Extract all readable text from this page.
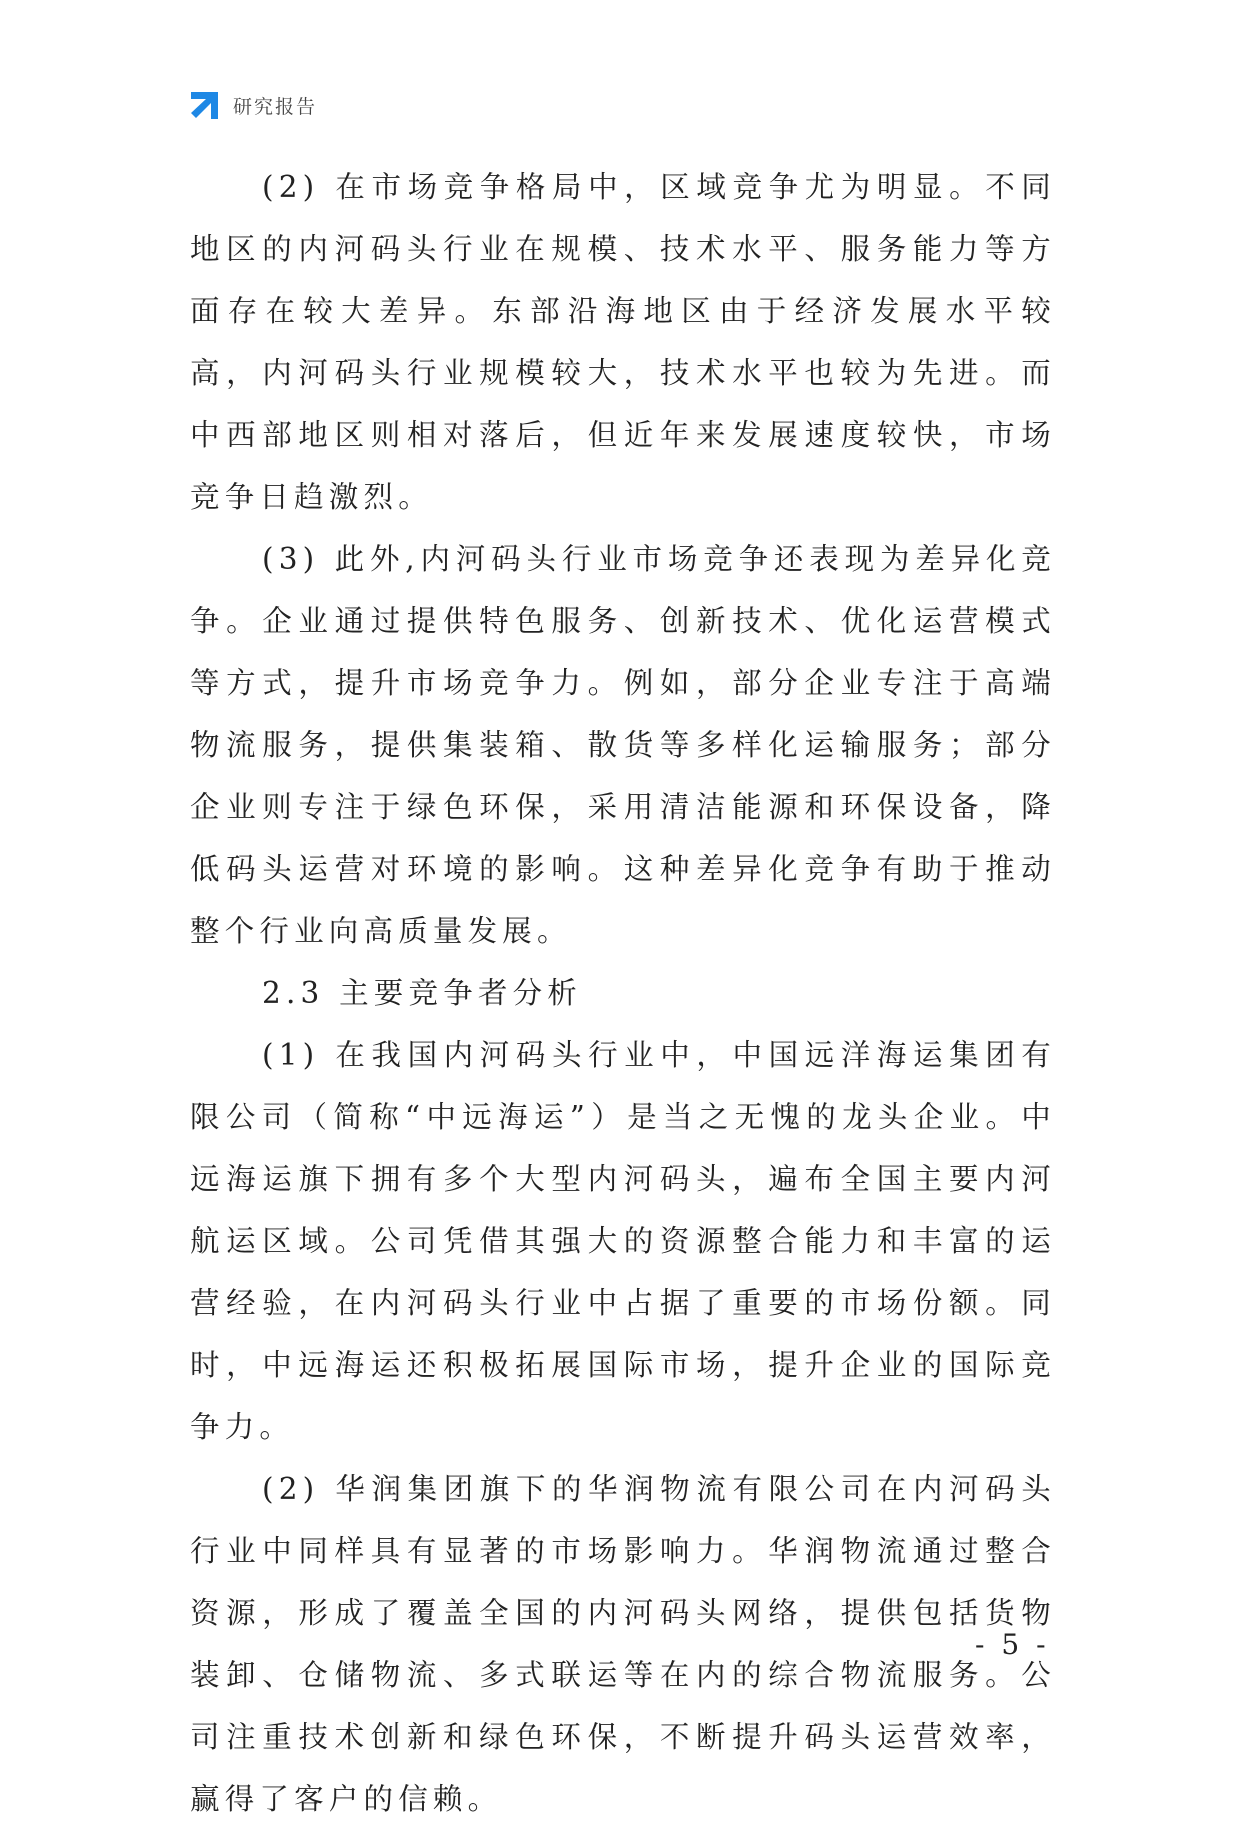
研究报告

(2) 在市场竞争格局中，区域竞争尤为明显。不同地区的内河码头行业在规模、技术水平、服务能力等方面存在较大差异。东部沿海地区由于经济发展水平较高，内河码头行业规模较大，技术水平也较为先进。而中西部地区则相对落后，但近年来发展速度较快，市场竞争日趋激烈。

(3) 此外,内河码头行业市场竞争还表现为差异化竞争。企业通过提供特色服务、创新技术、优化运营模式等方式，提升市场竞争力。例如，部分企业专注于高端物流服务，提供集装箱、散货等多样化运输服务；部分企业则专注于绿色环保，采用清洁能源和环保设备，降低码头运营对环境的影响。这种差异化竞争有助于推动整个行业向高质量发展。

2.3 主要竞争者分析

(1) 在我国内河码头行业中，中国远洋海运集团有限公司（简称“中远海运”）是当之无愧的龙头企业。中远海运旗下拥有多个大型内河码头，遍布全国主要内河航运区域。公司凭借其强大的资源整合能力和丰富的运营经验，在内河码头行业中占据了重要的市场份额。同时，中远海运还积极拓展国际市场，提升企业的国际竞争力。

(2) 华润集团旗下的华润物流有限公司在内河码头行业中同样具有显著的市场影响力。华润物流通过整合资源，形成了覆盖全国的内河码头网络，提供包括货物装卸、仓储物流、多式联运等在内的综合物流服务。公司注重技术创新和绿色环保，不断提升码头运营效率，赢得了客户的信赖。

- 5 -
